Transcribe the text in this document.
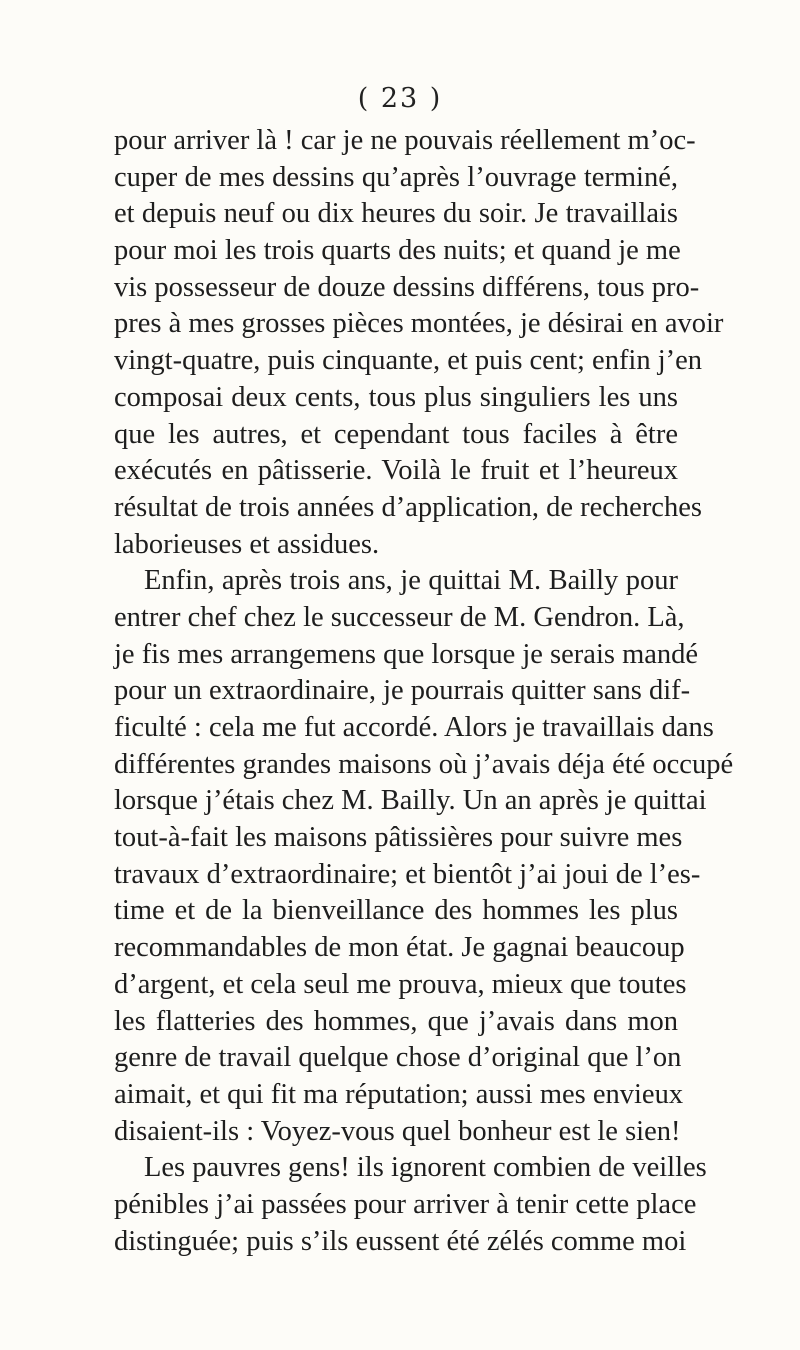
( 23 )
pour arriver là ! car je ne pouvais réellement m’oc-
cuper de mes dessins qu’après l’ouvrage terminé,
et depuis neuf ou dix heures du soir. Je travaillais
pour moi les trois quarts des nuits; et quand je me
vis possesseur de douze dessins différens, tous pro-
pres à mes grosses pièces montées, je désirai en avoir
vingt-quatre, puis cinquante, et puis cent; enfin j’en
composai deux cents, tous plus singuliers les uns
que les autres, et cependant tous faciles à être
exécutés en pâtisserie. Voilà le fruit et l’heureux
résultat de trois années d’application, de recherches
laborieuses et assidues.
Enfin, après trois ans, je quittai M. Bailly pour
entrer chef chez le successeur de M. Gendron. Là,
je fis mes arrangemens que lorsque je serais mandé
pour un extraordinaire, je pourrais quitter sans dif-
ficulté : cela me fut accordé. Alors je travaillais dans
différentes grandes maisons où j’avais déja été occupé
lorsque j’étais chez M. Bailly. Un an après je quittai
tout-à-fait les maisons pâtissières pour suivre mes
travaux d’extraordinaire; et bientôt j’ai joui de l’es-
time et de la bienveillance des hommes les plus
recommandables de mon état. Je gagnai beaucoup
d’argent, et cela seul me prouva, mieux que toutes
les flatteries des hommes, que j’avais dans mon
genre de travail quelque chose d’original que l’on
aimait, et qui fit ma réputation; aussi mes envieux
disaient-ils : Voyez-vous quel bonheur est le sien!
Les pauvres gens! ils ignorent combien de veilles
pénibles j’ai passées pour arriver à tenir cette place
distinguée; puis s’ils eussent été zélés comme moi
